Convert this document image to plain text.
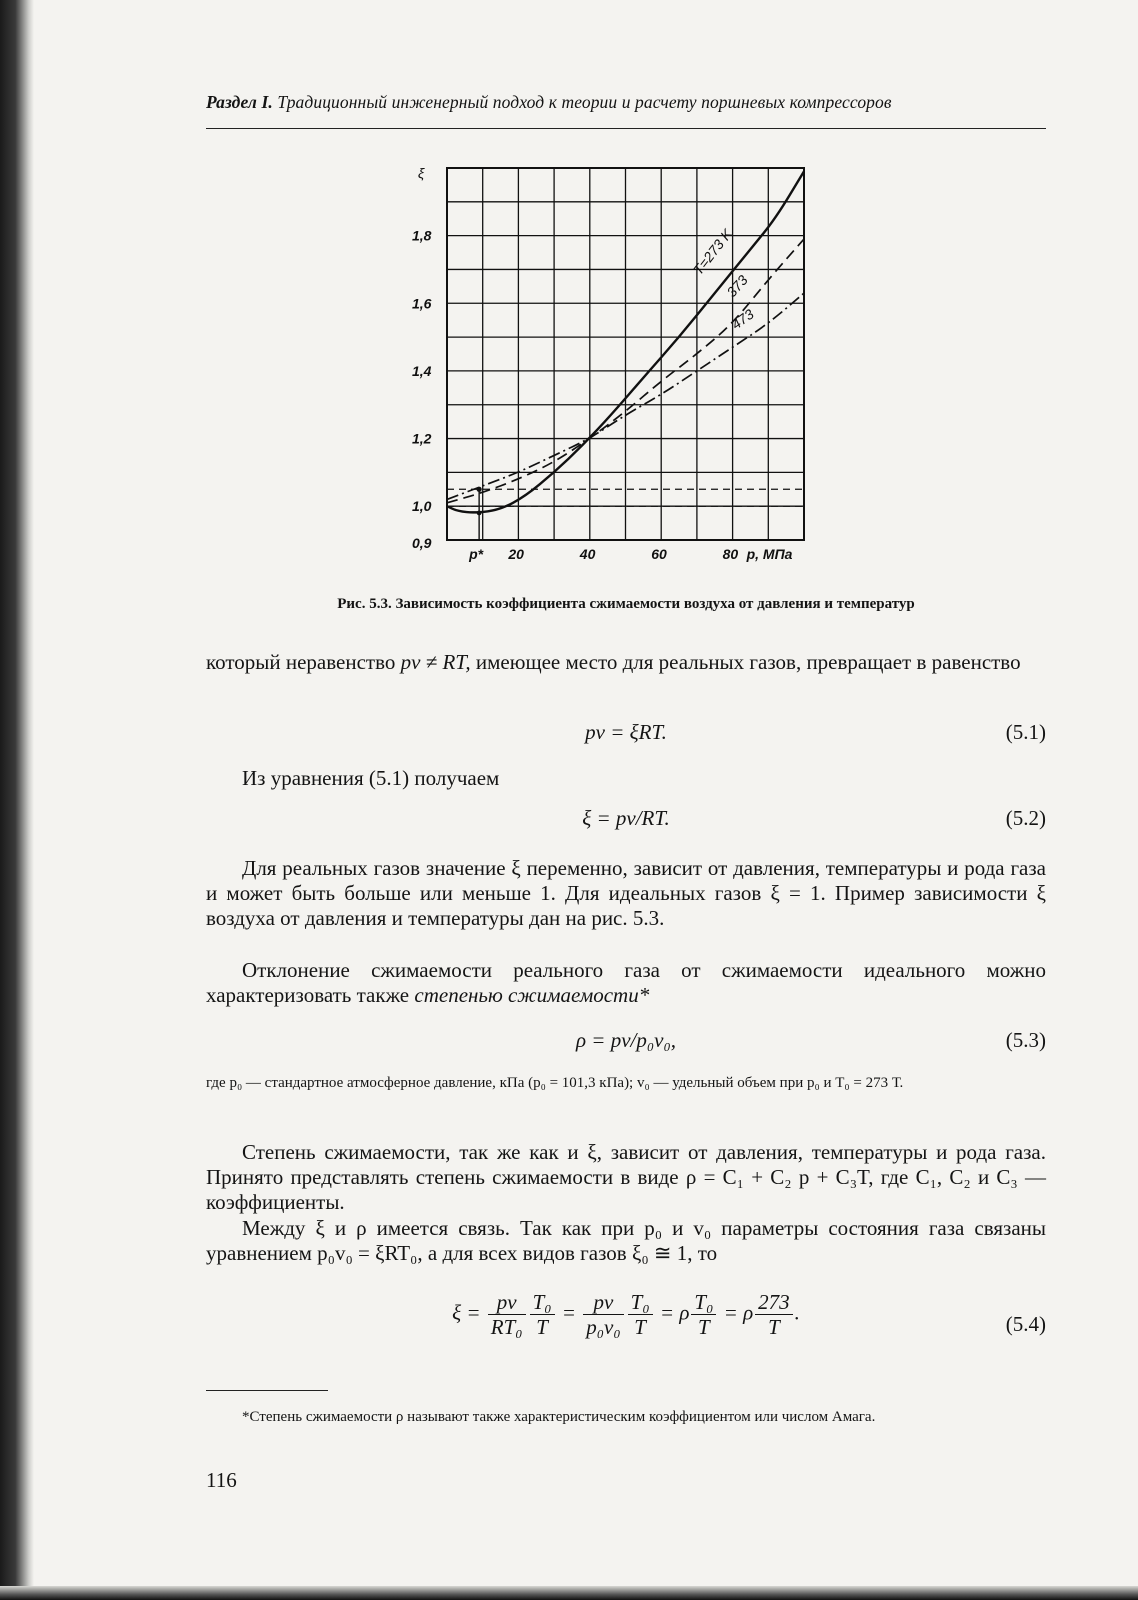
Раздел I. Традиционный инженерный подход к теории и расчету поршневых компрессоров
0,9
1,0
1,2
1,4
1,6
1,8
p* 20	40	60	80
T=273 K
373
473
ξ
p, МПа
Рис. 5.3. Зависимость коэффициента сжимаемости воздуха от давления и температур
который неравенство pv ≠ RT, имеющее место для реальных газов, превращает в равенство
pv = ξRT.	(5.1)
Из уравнения (5.1) получаем
ξ = pv/RT.	(5.2)
Для реальных газов значение ξ переменно, зависит от давления, температуры и рода газа и может быть больше или меньше 1. Для идеальных газов ξ = 1. Пример зависимости ξ воздуха от давления и температуры дан на рис. 5.3.
Отклонение сжимаемости реального газа от сжимаемости идеального можно характеризовать также степенью сжимаемости*
ρ = pv/p₀v₀,	(5.3)
где p₀ — стандартное атмосферное давление, кПа (p₀ = 101,3 кПа); v₀ — удельный объем при p₀ и T₀ = 273 Т.
Степень сжимаемости, так же как и ξ, зависит от давления, температуры и рода газа. Принято представлять степень сжимаемости в виде ρ = C₁ + C₂ p + C₃T, где C₁, C₂ и C₃ — коэффициенты.
Между ξ и ρ имеется связь. Так как при p₀ и v₀ параметры состояния газа связаны уравнением p₀v₀ = ξRT₀, а для всех видов газов ξ₀ ≅ 1, то
$\xi = \frac{pv}{\text{RT₀}} \frac{\text{T₀}}{T} = \frac{pv}{\text{p₀v₀}} \frac{\text{T₀}}{T} = \rho \frac{\text{T₀}}{T} = \rho \frac{273}{T}$ .	(5.4)
*Степень сжимаемости ρ называют также характеристическим коэффициентом или числом Амага.
116
